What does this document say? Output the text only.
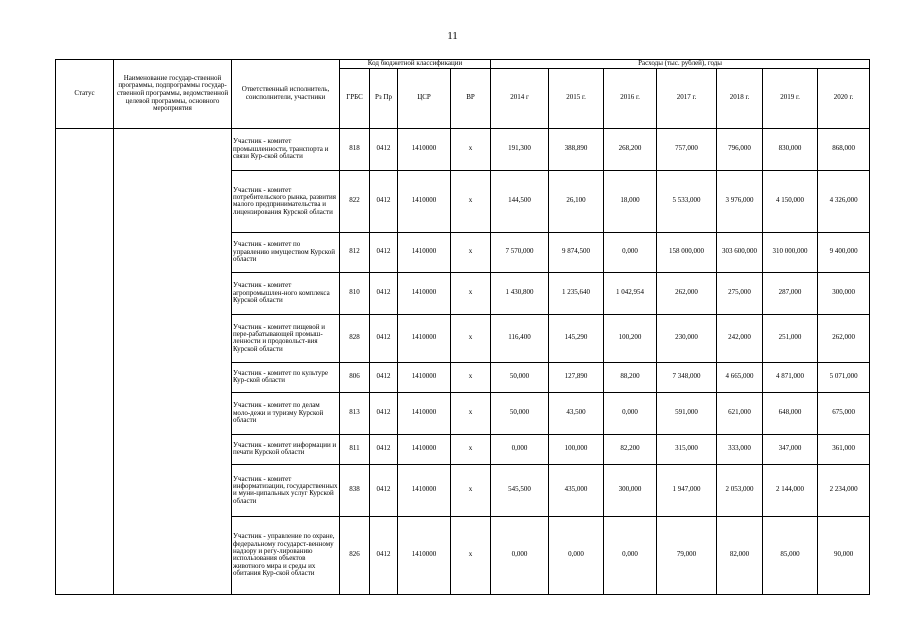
11
Статус	Наименование государ-ственной программы, подпрограммы государ-ственной программы, ведомственной целевой программы, основного мероприятия	Ответственный исполнитель, соисполнители, участники	Код бюджетной классификации				Расходы (тыс. рублей), годы						
			ГРБС	Рз Пр	ЦСР	ВР	2014 г	2015 г.	2016 г.	2017 г.	2018 г.	2019 г.	2020 г.
		Участник - комитет промышленности, транспорта и связи Кур-ской области	818	0412	1410000	x	191,300	388,890	268,200	757,000	796,000	830,000	868,000
		Участник - комитет потребительского рынка, развития малого предпринимательства и лицензирования Курской области	822	0412	1410000	x	144,500	26,100	18,000	5 533,000	3 976,000	4 150,000	4 326,000
		Участник - комитет по управлению имуществом Курской области	812	0412	1410000	x	7 570,000	9 874,500	0,000	158 000,000	303 600,000	310 000,000	9 400,000
		Участник - комитет агропромышлен-ного комплекса Курской области	810	0412	1410000	x	1 430,800	1 235,640	1 042,954	262,000	275,000	287,000	300,000
		Участник - комитет пищевой и пере-рабатывающей промыш-ленности и продовольст-вия Курской области	828	0412	1410000	x	116,400	145,290	100,200	230,000	242,000	251,000	262,000
		Участник - комитет по культуре Кур-ской области	806	0412	1410000	x	50,000	127,890	88,200	7 348,000	4 665,000	4 871,000	5 071,000
		Участник - комитет по делам моло-дежи и туризму Курской области	813	0412	1410000	x	50,000	43,500	0,000	591,000	621,000	648,000	675,000
		Участник - комитет информации и печати Курской области	811	0412	1410000	x	0,000	100,000	82,200	315,000	333,000	347,000	361,000
		Участник - комитет информатизации, государственных и муни-ципальных услуг Курской области	838	0412	1410000	x	545,500	435,000	300,000	1 947,000	2 053,000	2 144,000	2 234,000
		Участник - управление по охране, федеральному государст-венному надзору и регу-лированию использования объектов животного мира и среды их обитания Кур-ской области	826	0412	1410000	x	0,000	0,000	0,000	79,000	82,000	85,000	90,000
